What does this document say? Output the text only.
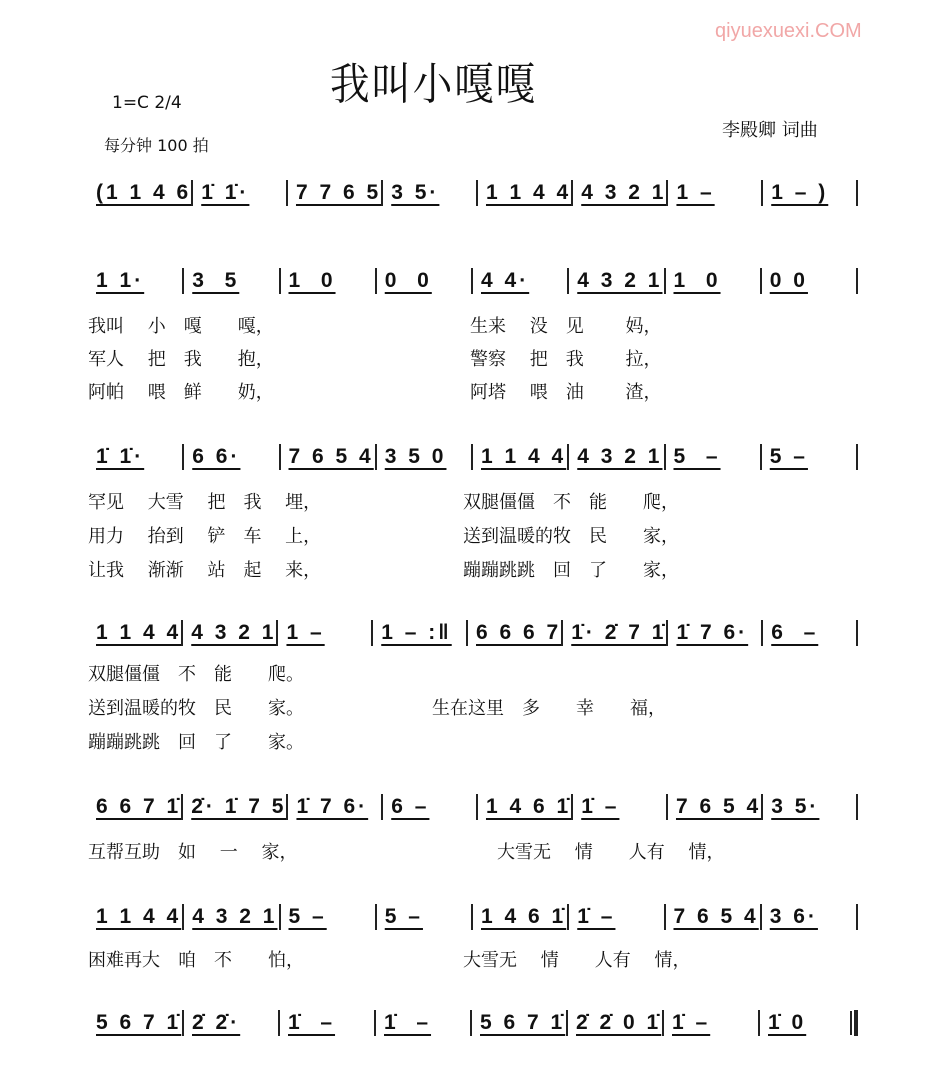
qiyuexuexi.COM
我叫小嘎嘎
1=C 2/4
每分钟 100 拍
李殿卿 词曲
(1 1 4 6 1̇ 1̇·	7 7 6 5 3 5·	1 1 4 4 4 3 2 1 1 –	1 – )
1 1·	3  5	1  0	0  0	4 4·	4 3 2 1 1  0	0 0
1̇ 1̇·	6 6·	7 6 5 4 3 5 0	1 1 4 4 4 3 2 1 5  –	5 –
1 1 4 4 4 3 2 1 1 –	1 – :‖	6 6 6 7 1̇· 2̇ 7 1̇ 1̇ 7 6·	6  –
6 6 7 1̇ 2̇· 1̇ 7 5 1̇ 7 6·	6 –	1 4 6 1̇ 1̇ –	7 6 5 4 3 5·
1 1 4 4 4 3 2 1 5 –	5 –	1 4 6 1̇ 1̇ –	7 6 5 4 3 6·
5 6 7 1̇ 2̇ 2̇·	1̇  –	1̇  –	5 6 7 1̇ 2̇ 2̇ 0 1̇ 1̇ –	1̇ 0
我叫　 小　嘎　　嘎，	生来　 没　见　　 妈，
军人　 把　我　　抱，	警察　 把　我　　 拉，
阿帕　 喂　鲜　　奶，	阿塔　 喂　油　　 渣，
罕见　 大雪　 把　我　 埋，	双腿僵僵　不　能　　爬，
用力　 抬到　 铲　车　 上，	送到温暖的牧　民　　家，
让我　 渐渐　 站　起　 来，	蹦蹦跳跳　回　了　　家，
双腿僵僵　不　能　　爬。
送到温暖的牧　民　　家。	生在这里　多　　幸　　福，
蹦蹦跳跳　回　了　　家。
互帮互助　如　 一　 家，	大雪无　 情　　人有　 情，
困难再大　咱　不　　怕，	大雪无　 情　　人有　 情，
